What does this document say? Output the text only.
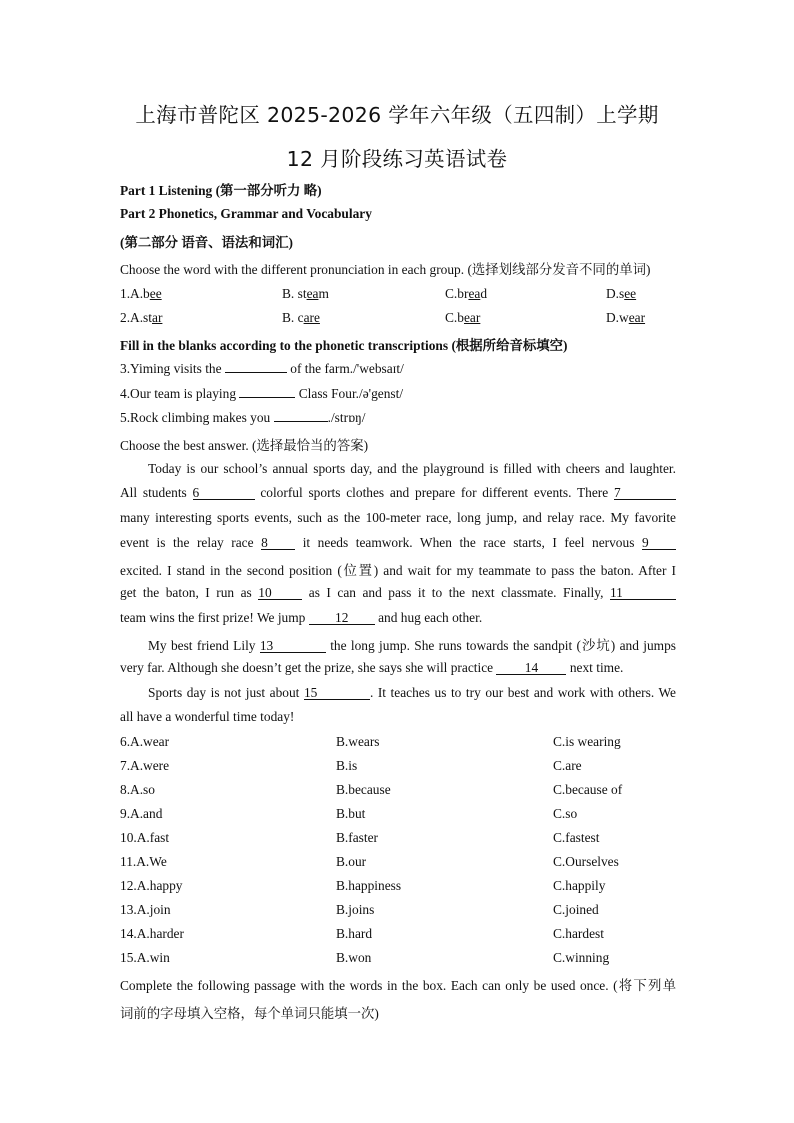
上海市普陀区 2025-2026 学年六年级（五四制）上学期
12 月阶段练习英语试卷
Part 1 Listening (第一部分听力 略)
Part 2 Phonetics, Grammar and Vocabulary
(第二部分 语音、语法和词汇)
Choose the word with the different pronunciation in each group. (选择划线部分发音不同的单词)
1.A.bee	B. steam	C.bread	D.see
2.A.star	B. care	C.bear	D.wear
Fill in the blanks according to the phonetic transcriptions (根据所给音标填空)
3.Yiming visits the	of the farm./'websaɪt/
4.Our team is playing	Class Four./ə'genst/
5.Rock climbing makes you	./strɒŋ/
Choose the best answer. (选择最恰当的答案)
Today is our school’s annual sports day, and the playground is filled with cheers and laughter.
All students 6	colorful sports clothes and prepare for different events. There 7
many interesting sports events, such as the 100-meter race, long jump, and relay race. My favorite
event is the relay race 8	it needs teamwork. When the race starts, I feel nervous 9
excited. I stand in the second position (位置) and wait for my teammate to pass the baton. After I
get the baton, I run as 10	as I can and pass it to the next classmate. Finally, 11
team wins the first prize! We jump 12 and hug each other.
My best friend Lily 13	the long jump. She runs towards the sandpit (沙坑) and jumps
very far. Although she doesn’t get the prize, she says she will practice 14 next time.
Sports day is not just about 15	. It teaches us to try our best and work with others. We
all have a wonderful time today!
6.A.wear	B.wears	C.is wearing
7.A.were	B.is	C.are
8.A.so	B.because	C.because of
9.A.and	B.but	C.so
10.A.fast	B.faster	C.fastest
11.A.We	B.our	C.Ourselves
12.A.happy	B.happiness	C.happily
13.A.join	B.joins	C.joined
14.A.harder	B.hard	C.hardest
15.A.win	B.won	C.winning
Complete the following passage with the words in the box. Each can only be used once. (将下列单
词前的字母填入空格，每个单词只能填一次)
